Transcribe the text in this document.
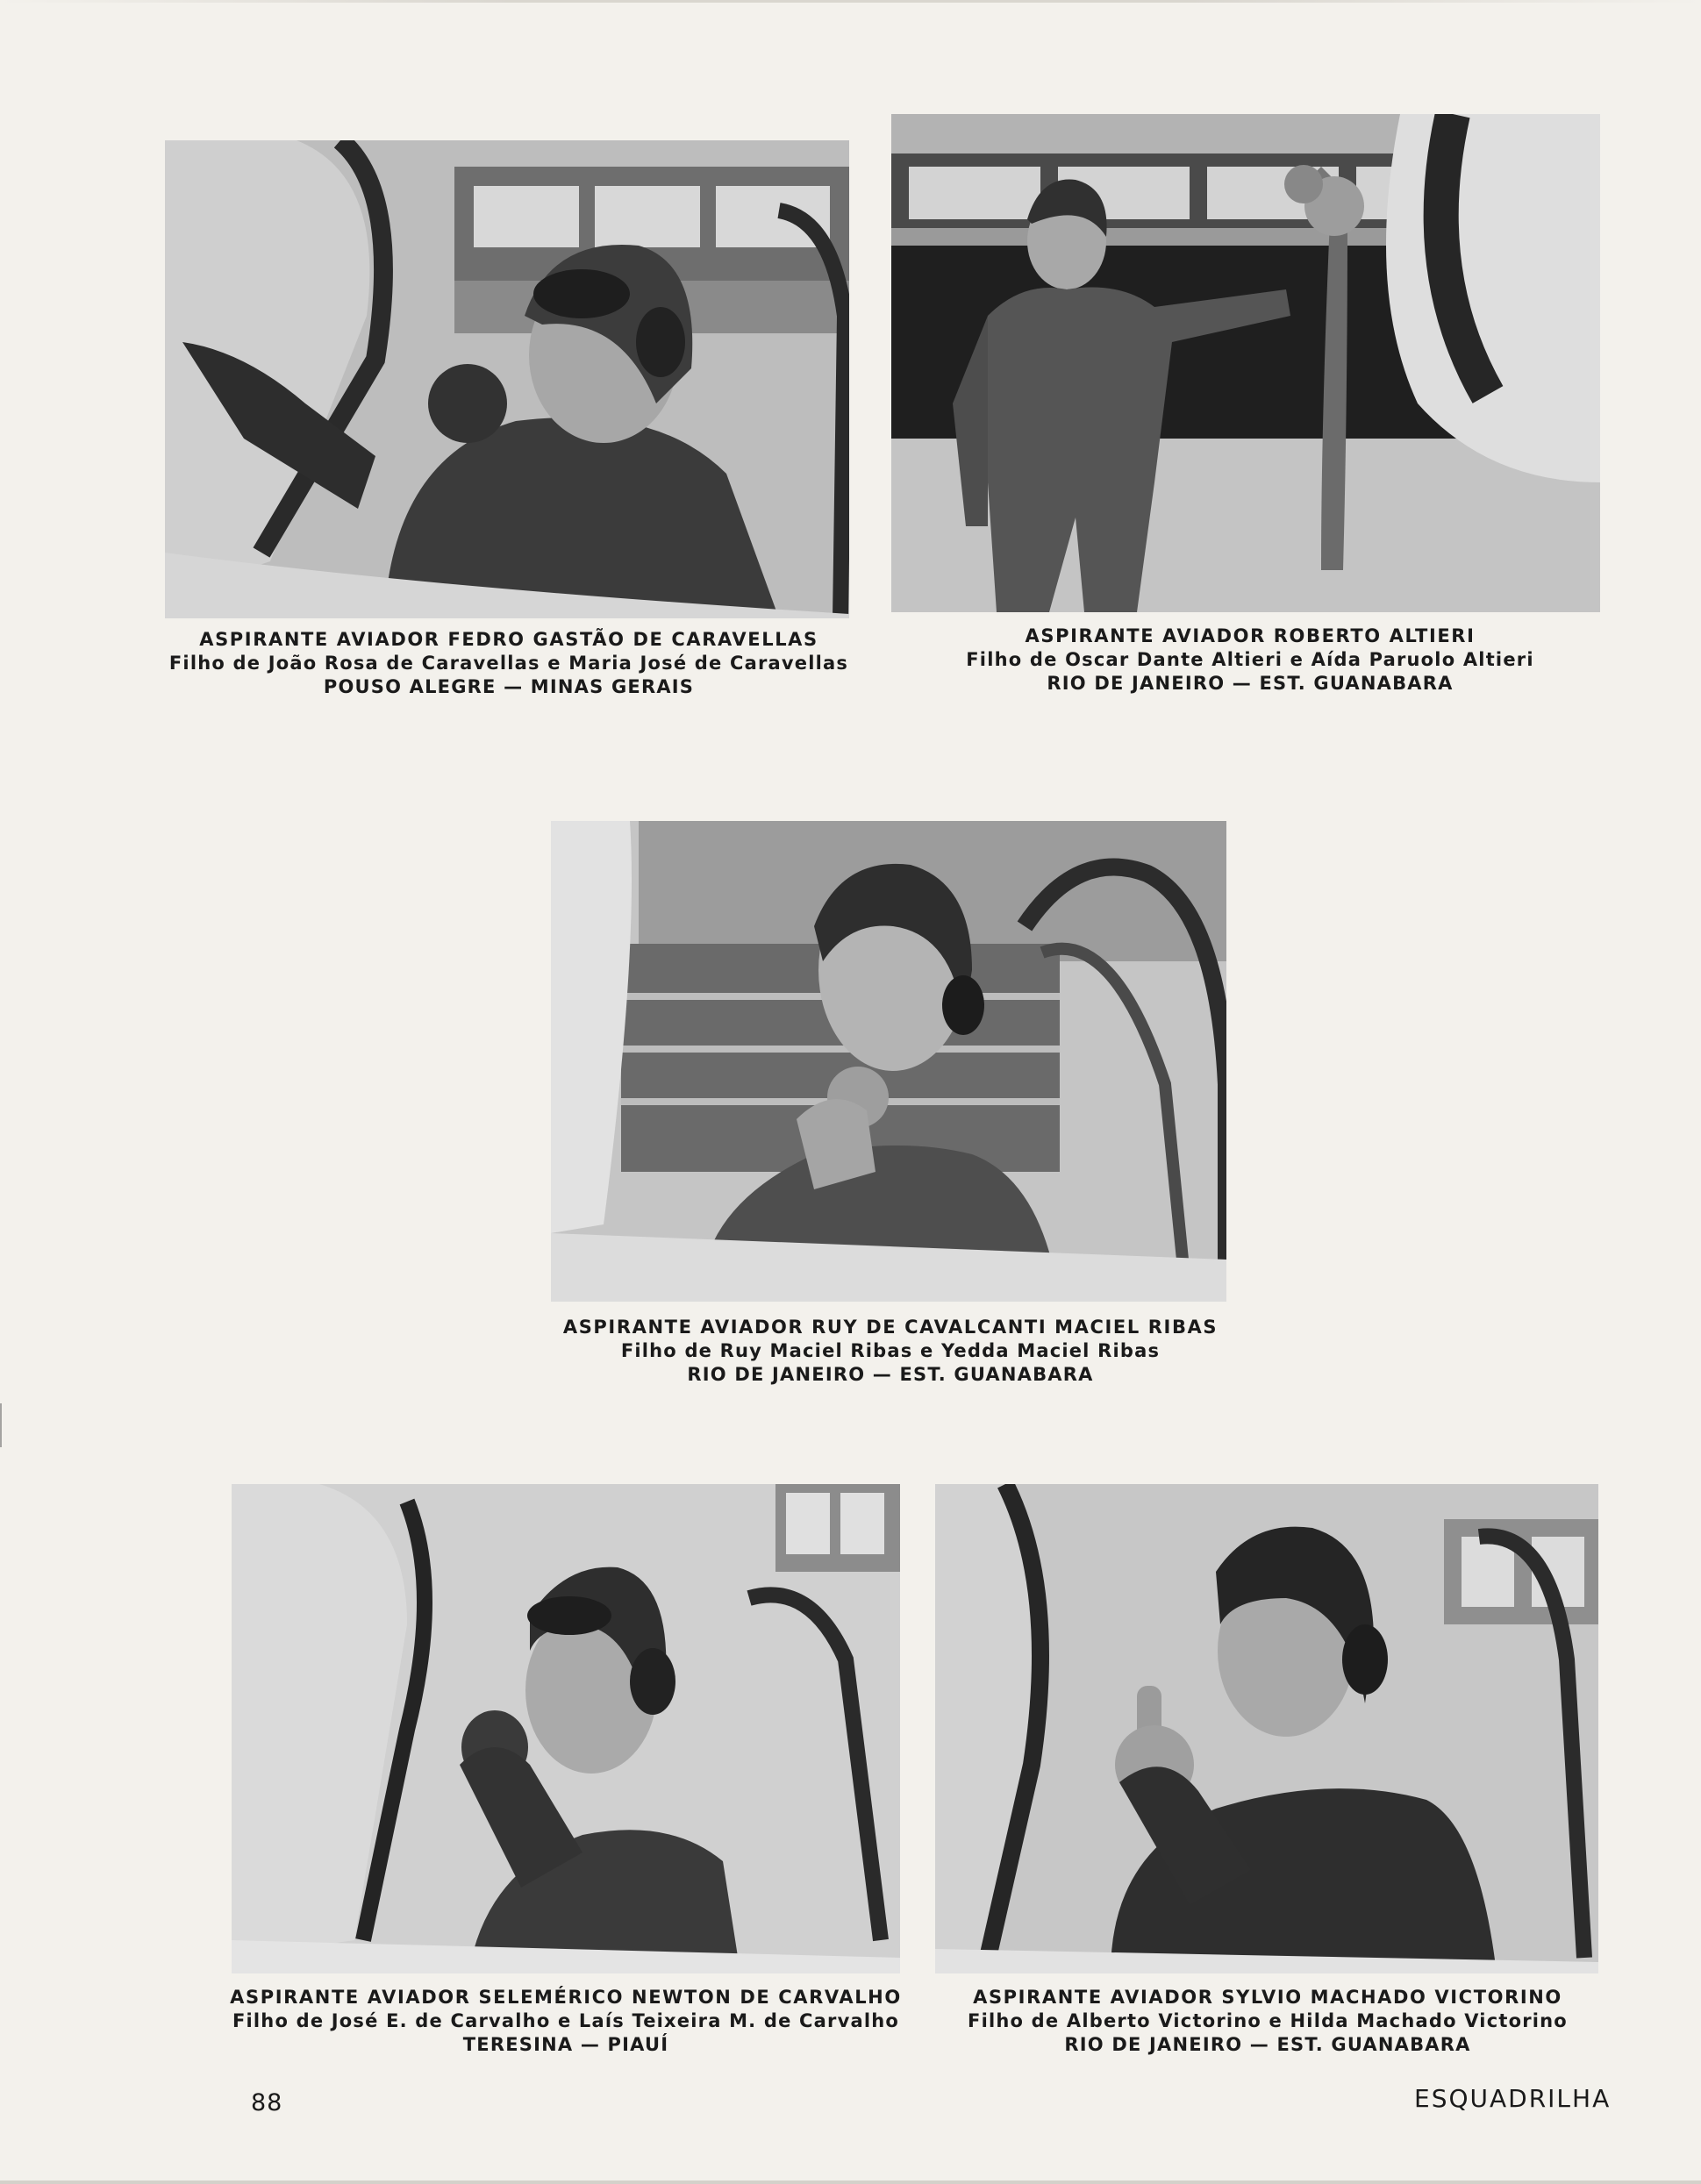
ASPIRANTE AVIADOR FEDRO GASTÃO DE CARAVELLAS
Filho de João Rosa de Caravellas e Maria José de Caravellas
POUSO ALEGRE — MINAS GERAIS
ASPIRANTE AVIADOR ROBERTO ALTIERI
Filho de Oscar Dante Altieri e Aída Paruolo Altieri
RIO DE JANEIRO — EST. GUANABARA
ASPIRANTE AVIADOR RUY DE CAVALCANTI MACIEL RIBAS
Filho de Ruy Maciel Ribas e Yedda Maciel Ribas
RIO DE JANEIRO — EST. GUANABARA
ASPIRANTE AVIADOR SELEMÉRICO NEWTON DE CARVALHO
Filho de José E. de Carvalho e Laís Teixeira M. de Carvalho
TERESINA — PIAUÍ
ASPIRANTE AVIADOR SYLVIO MACHADO VICTORINO
Filho de Alberto Victorino e Hilda Machado Victorino
RIO DE JANEIRO — EST. GUANABARA
88	ESQUADRILHA
